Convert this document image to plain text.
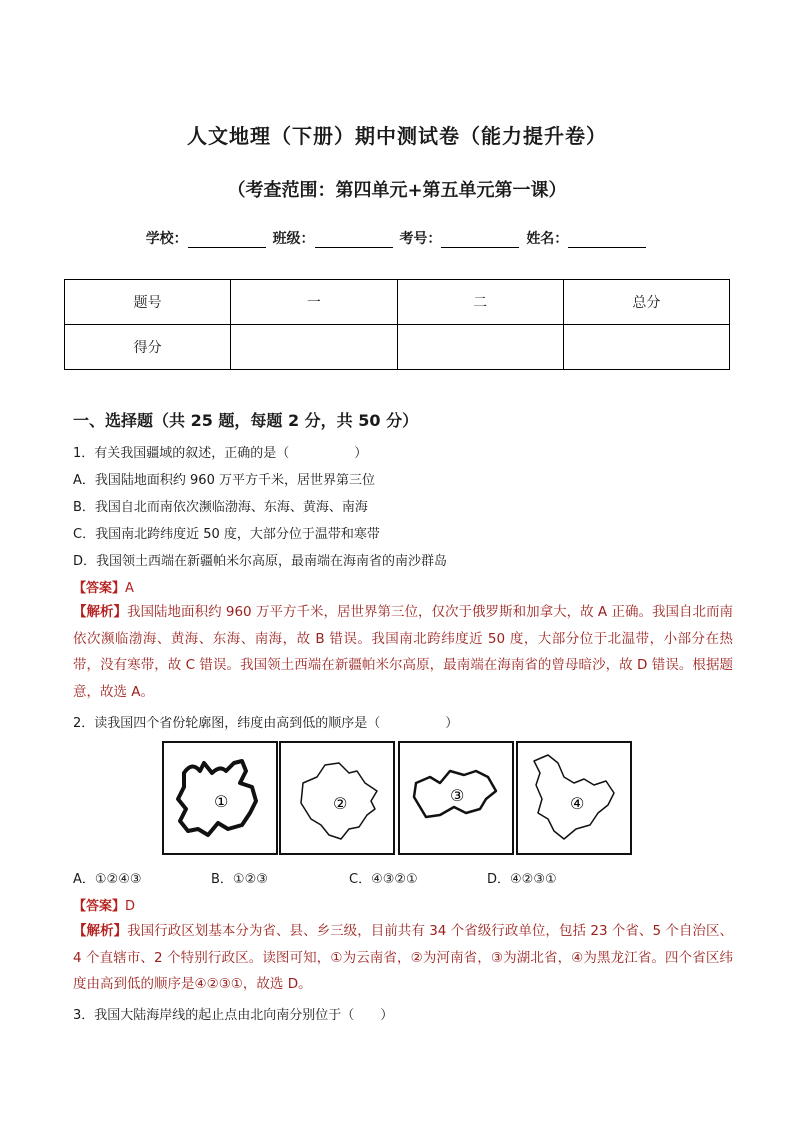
人文地理（下册）期中测试卷（能力提升卷）
（考查范围：第四单元+第五单元第一课）
学校：	班级：	考号：	姓名：
题号	一	二	总分
得分			
一、选择题（共 25 题，每题 2 分，共 50 分）
1．有关我国疆域的叙述，正确的是（　　　　　）
A．我国陆地面积约 960 万平方千米，居世界第三位
B．我国自北而南依次濒临渤海、东海、黄海、南海
C．我国南北跨纬度近 50 度，大部分位于温带和寒带
D．我国领土西端在新疆帕米尔高原，最南端在海南省的南沙群岛
【答案】A
【解析】我国陆地面积约 960 万平方千米，居世界第三位，仅次于俄罗斯和加拿大，故 A 正确。我国自北而南依次濒临渤海、黄海、东海、南海，故 B 错误。我国南北跨纬度近 50 度，大部分位于北温带，小部分在热带，没有寒带，故 C 错误。我国领土西端在新疆帕米尔高原，最南端在海南省的曾母暗沙，故 D 错误。根据题意，故选 A。
2．读我国四个省份轮廓图，纬度由高到低的顺序是（　　　　　）
①	②	③	④
A．①②④③	B．①②③	C．④③②①	D．④②③①
【答案】D
【解析】我国行政区划基本分为省、县、乡三级，目前共有 34 个省级行政单位，包括 23 个省、5 个自治区、4 个直辖市、2 个特别行政区。读图可知，①为云南省，②为河南省，③为湖北省，④为黑龙江省。四个省区纬度由高到低的顺序是④②③①，故选 D。
3．我国大陆海岸线的起止点由北向南分别位于（　　）
